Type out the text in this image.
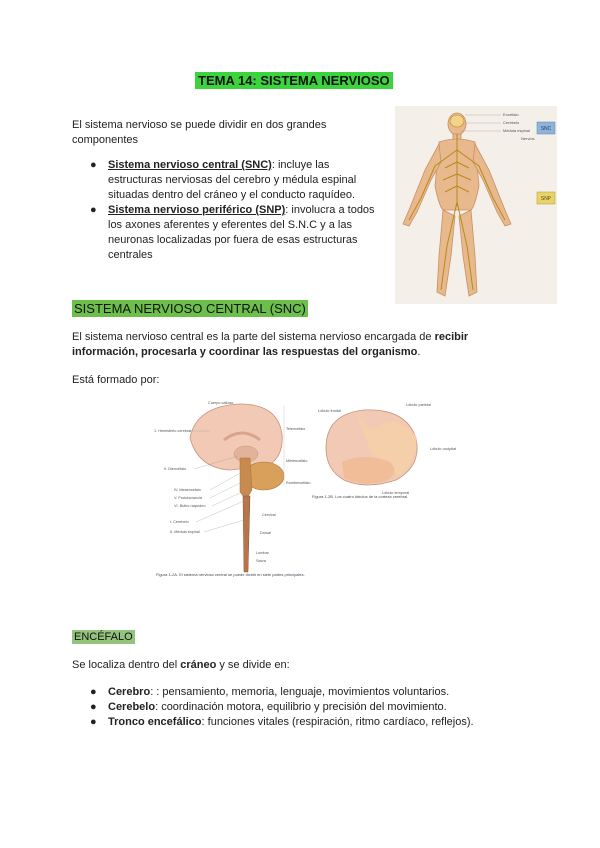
TEMA 14: SISTEMA NERVIOSO
El sistema nervioso se puede dividir en dos grandes componentes
● Sistema nervioso central (SNC): incluye las estructuras nerviosas del cerebro y médula espinal situadas dentro del cráneo y el conducto raquídeo.
● Sistema nervioso periférico (SNP): involucra a todos los axones aferentes y eferentes del S.N.C y a las neuronas localizadas por fuera de esas estructuras centrales
Encéfalo
Cerebelo
Médula espinal
Nervios
SNC
SNP
SISTEMA NERVIOSO CENTRAL (SNC)
El sistema nervioso central es la parte del sistema nervioso encargada de recibir información, procesarla y coordinar las respuestas del organismo.
Está formado por:
Cuerpo calloso
1. Hemisferio cerebral
II. Diencéfalo
IV. Mesencéfalo
V. Protuberancia
VI. Bulbo raquídeo
I. Cerebelo
II. Médula espinal
Telencéfalo
Mielencéfalo
Rombencéfalo
Cervical
Dorsal
Lumbar
Sacra
Lóbulo frontal
Lóbulo parietal
Lóbulo occipital
Lóbulo temporal
Figura 1-2B. Los cuatro lóbulos de la corteza cerebral.
Figura 1-2A. El sistema nervioso central se puede dividir en siete partes principales.
ENCÉFALO
Se localiza dentro del cráneo y se divide en:
● Cerebro: : pensamiento, memoria, lenguaje, movimientos voluntarios.
● Cerebelo: coordinación motora, equilibrio y precisión del movimiento.
● Tronco encefálico: funciones vitales (respiración, ritmo cardíaco, reflejos).
